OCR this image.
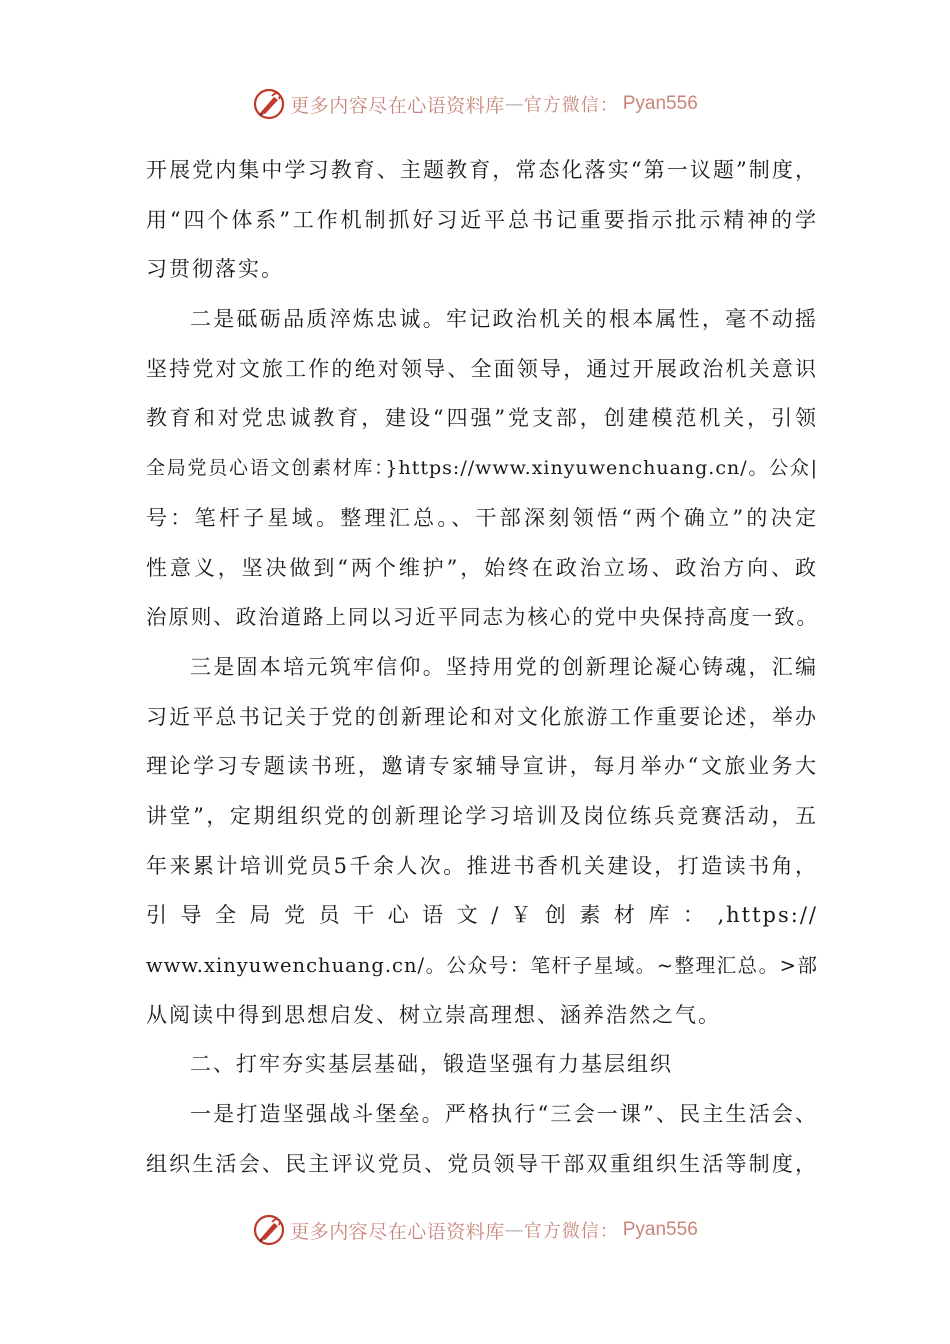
更多内容尽在心语资料库 — 官方微信： Pyan556
开展党内集中学习教育、主题教育，常态化落实“第一议题”制度，
用“四个体系”工作机制抓好习近平总书记重要指示批示精神的学
习贯彻落实。
二是砥砺品质淬炼忠诚。牢记政治机关的根本属性，毫不动摇
坚持党对文旅工作的绝对领导、全面领导，通过开展政治机关意识
教育和对党忠诚教育，建设“四强”党支部，创建模范机关，引领
全局党员心语文创素材库：}https://www.xinyuwenchuang.cn/。公众|
号：笔杆子星域。整理汇总。、干部深刻领悟“两个确立”的决定
性意义，坚决做到“两个维护”，始终在政治立场、政治方向、政
治原则、政治道路上同以习近平同志为核心的党中央保持高度一致。
三是固本培元筑牢信仰。坚持用党的创新理论凝心铸魂，汇编
习近平总书记关于党的创新理论和对文化旅游工作重要论述，举办
理论学习专题读书班，邀请专家辅导宣讲，每月举办“文旅业务大
讲堂”，定期组织党的创新理论学习培训及岗位练兵竞赛活动，五
年来累计培训党员5千余人次。推进书香机关建设，打造读书角，
引 导 全 局 党 员 干 心 语 文 / ￥ 创 素 材 库 ： ,https://
www.xinyuwenchuang.cn/。公众号：笔杆子星域。~整理汇总。>部
从阅读中得到思想启发、树立崇高理想、涵养浩然之气。
二、打牢夯实基层基础，锻造坚强有力基层组织
一是打造坚强战斗堡垒。严格执行“三会一课”、民主生活会、
组织生活会、民主评议党员、党员领导干部双重组织生活等制度，
更多内容尽在心语资料库 — 官方微信： Pyan556
